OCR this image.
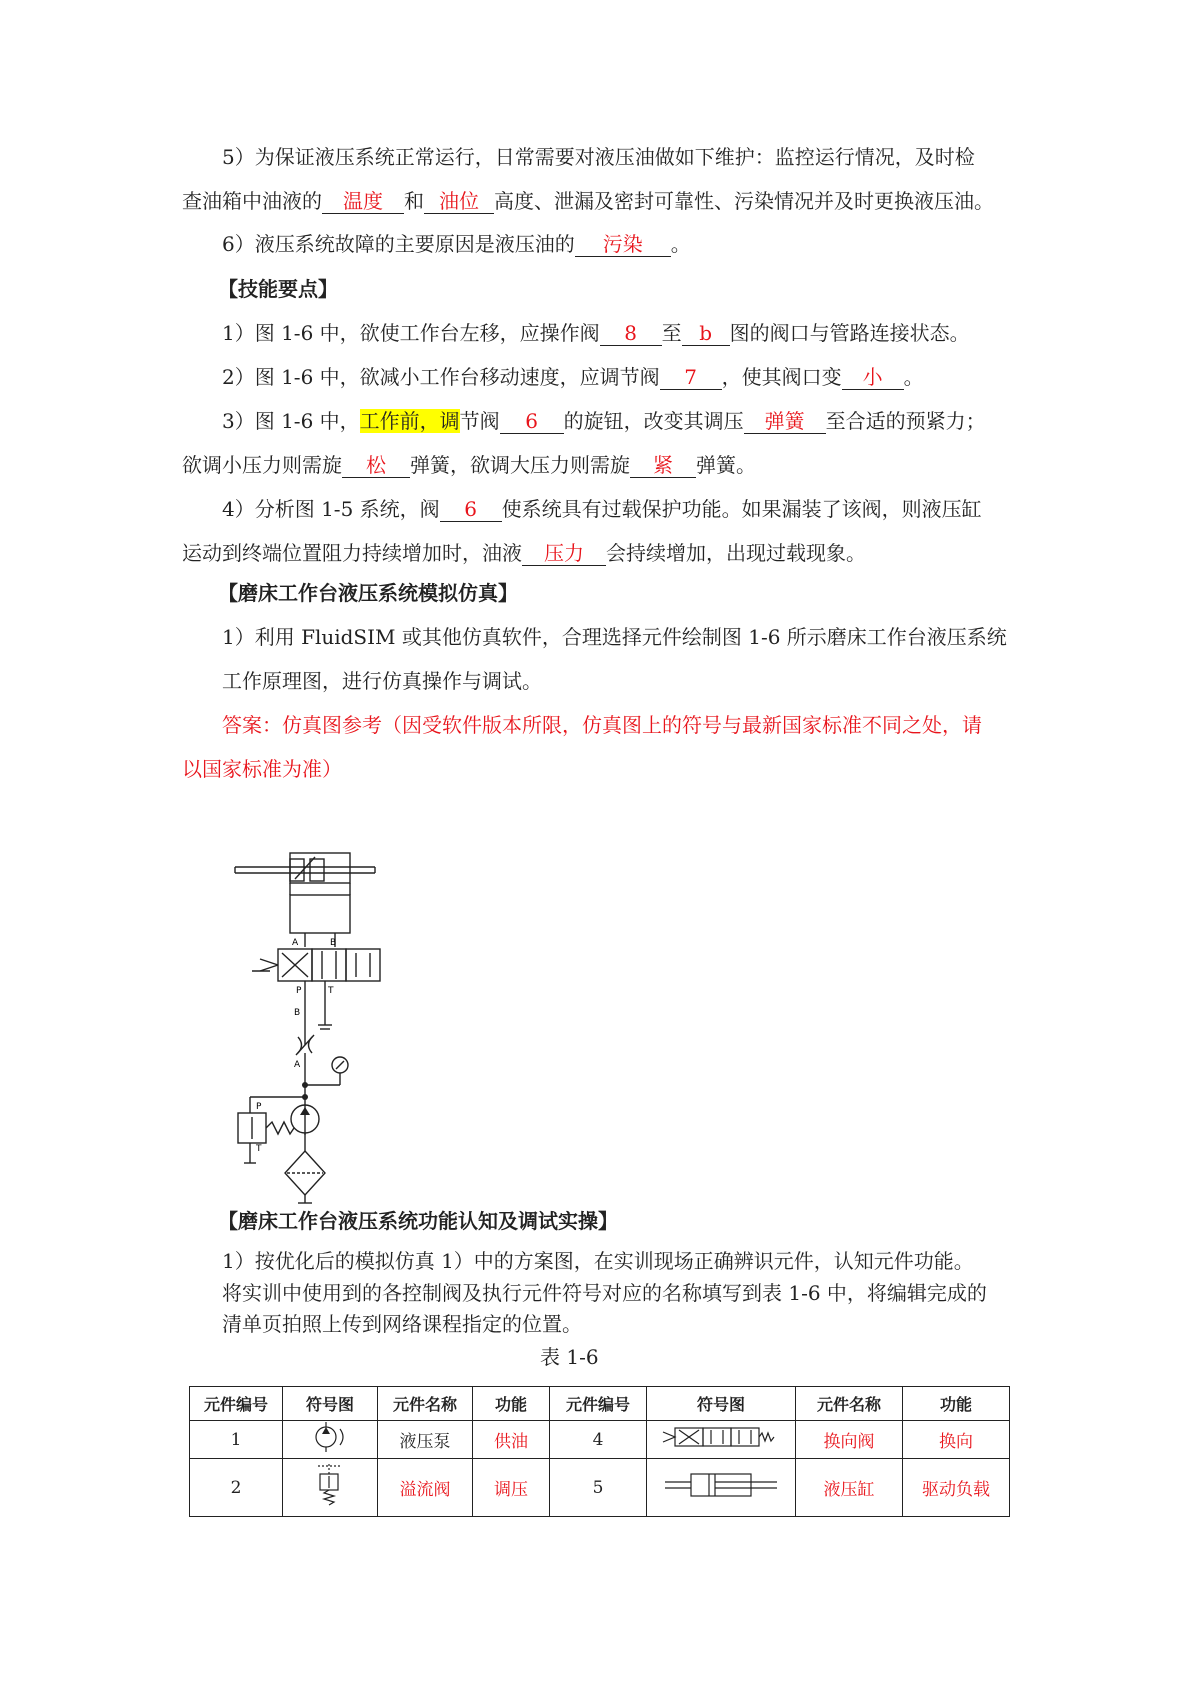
5）为保证液压系统正常运行，日常需要对液压油做如下维护：监控运行情况，及时检
查油箱中油液的 温度 和 油位 高度、泄漏及密封可靠性、污染情况并及时更换液压油。
6）液压系统故障的主要原因是液压油的 污染 。
【技能要点】
1）图 1-6 中，欲使工作台左移，应操作阀 8 至 b 图的阀口与管路连接状态。
2）图 1-6 中，欲减小工作台移动速度，应调节阀 7 ，使其阀口变 小 。
3）图 1-6 中，工作前，调节阀 6 的旋钮，改变其调压 弹簧 至合适的预紧力；
欲调小压力则需旋 松 弹簧，欲调大压力则需旋 紧 弹簧。
4）分析图 1-5 系统，阀 6 使系统具有过载保护功能。如果漏装了该阀，则液压缸
运动到终端位置阻力持续增加时，油液 压力 会持续增加，出现过载现象。
【磨床工作台液压系统模拟仿真】
1）利用 FluidSIM 或其他仿真软件，合理选择元件绘制图 1-6 所示磨床工作台液压系统
工作原理图，进行仿真操作与调试。
答案：仿真图参考（因受软件版本所限，仿真图上的符号与最新国家标准不同之处，请
以国家标准为准）
A	B
P	T
B
A
P
T
【磨床工作台液压系统功能认知及调试实操】
1）按优化后的模拟仿真 1）中的方案图，在实训现场正确辨识元件，认知元件功能。
将实训中使用到的各控制阀及执行元件符号对应的名称填写到表 1-6 中，将编辑完成的
清单页拍照上传到网络课程指定的位置。
表 1-6
元件编号	符号图	元件名称	功能	元件编号	符号图	元件名称	功能
1		液压泵	供油	4		换向阀	换向
2		溢流阀	调压	5		液压缸	驱动负载
